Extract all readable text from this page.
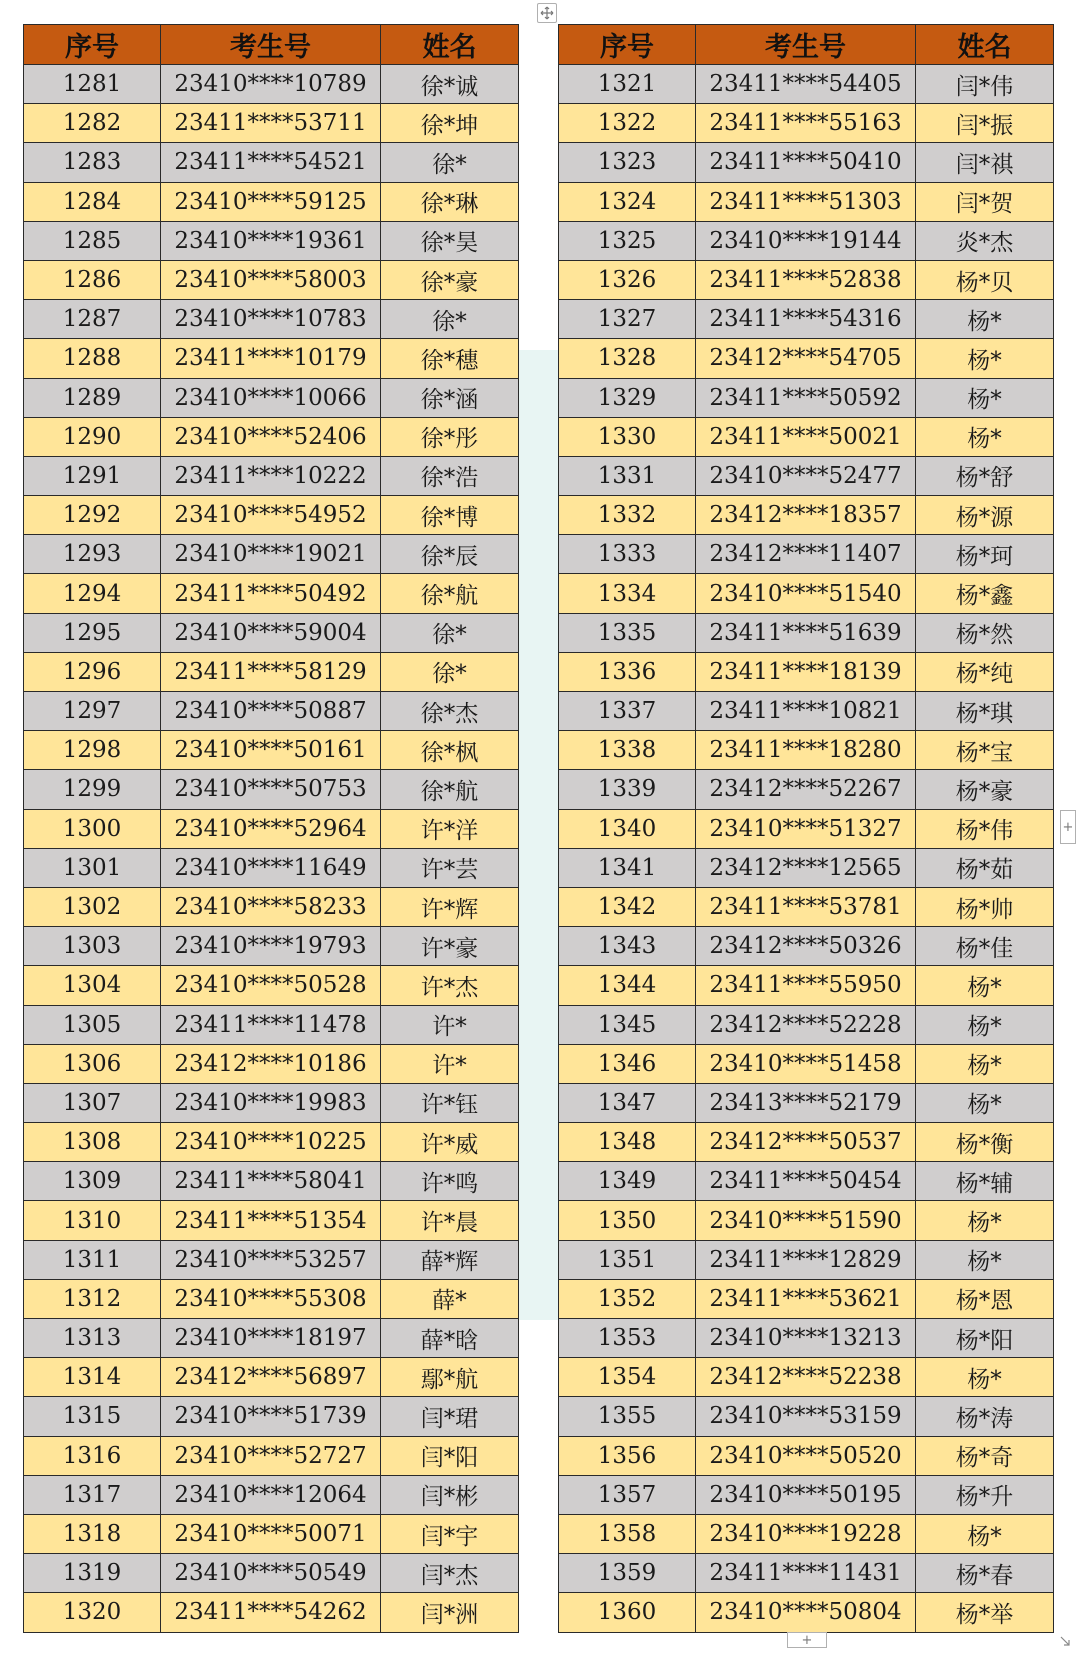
序号	考生号	姓名
1281	23410****10789	徐*诚
1282	23411****53711	徐*坤
1283	23411****54521	徐*
1284	23410****59125	徐*琳
1285	23410****19361	徐*昊
1286	23410****58003	徐*豪
1287	23410****10783	徐*
1288	23411****10179	徐*穗
1289	23410****10066	徐*涵
1290	23410****52406	徐*彤
1291	23411****10222	徐*浩
1292	23410****54952	徐*博
1293	23410****19021	徐*辰
1294	23411****50492	徐*航
1295	23410****59004	徐*
1296	23411****58129	徐*
1297	23410****50887	徐*杰
1298	23410****50161	徐*枫
1299	23410****50753	徐*航
1300	23410****52964	许*洋
1301	23410****11649	许*芸
1302	23410****58233	许*辉
1303	23410****19793	许*豪
1304	23410****50528	许*杰
1305	23411****11478	许*
1306	23412****10186	许*
1307	23410****19983	许*钰
1308	23410****10225	许*威
1309	23411****58041	许*鸣
1310	23411****51354	许*晨
1311	23410****53257	薛*辉
1312	23410****55308	薛*
1313	23410****18197	薛*晗
1314	23412****56897	鄢*航
1315	23410****51739	闫*珺
1316	23410****52727	闫*阳
1317	23410****12064	闫*彬
1318	23410****50071	闫*宇
1319	23410****50549	闫*杰
1320	23411****54262	闫*洲
序号	考生号	姓名
1321	23411****54405	闫*伟
1322	23411****55163	闫*振
1323	23411****50410	闫*祺
1324	23411****51303	闫*贺
1325	23410****19144	炎*杰
1326	23411****52838	杨*贝
1327	23411****54316	杨*
1328	23412****54705	杨*
1329	23411****50592	杨*
1330	23411****50021	杨*
1331	23410****52477	杨*舒
1332	23412****18357	杨*源
1333	23412****11407	杨*珂
1334	23410****51540	杨*鑫
1335	23411****51639	杨*然
1336	23411****18139	杨*纯
1337	23411****10821	杨*琪
1338	23411****18280	杨*宝
1339	23412****52267	杨*豪
1340	23410****51327	杨*伟
1341	23412****12565	杨*茹
1342	23411****53781	杨*帅
1343	23412****50326	杨*佳
1344	23411****55950	杨*
1345	23412****52228	杨*
1346	23410****51458	杨*
1347	23413****52179	杨*
1348	23412****50537	杨*衡
1349	23411****50454	杨*辅
1350	23410****51590	杨*
1351	23411****12829	杨*
1352	23411****53621	杨*恩
1353	23410****13213	杨*阳
1354	23412****52238	杨*
1355	23410****53159	杨*涛
1356	23410****50520	杨*奇
1357	23410****50195	杨*升
1358	23410****19228	杨*
1359	23411****11431	杨*春
1360	23410****50804	杨*举
+
+
